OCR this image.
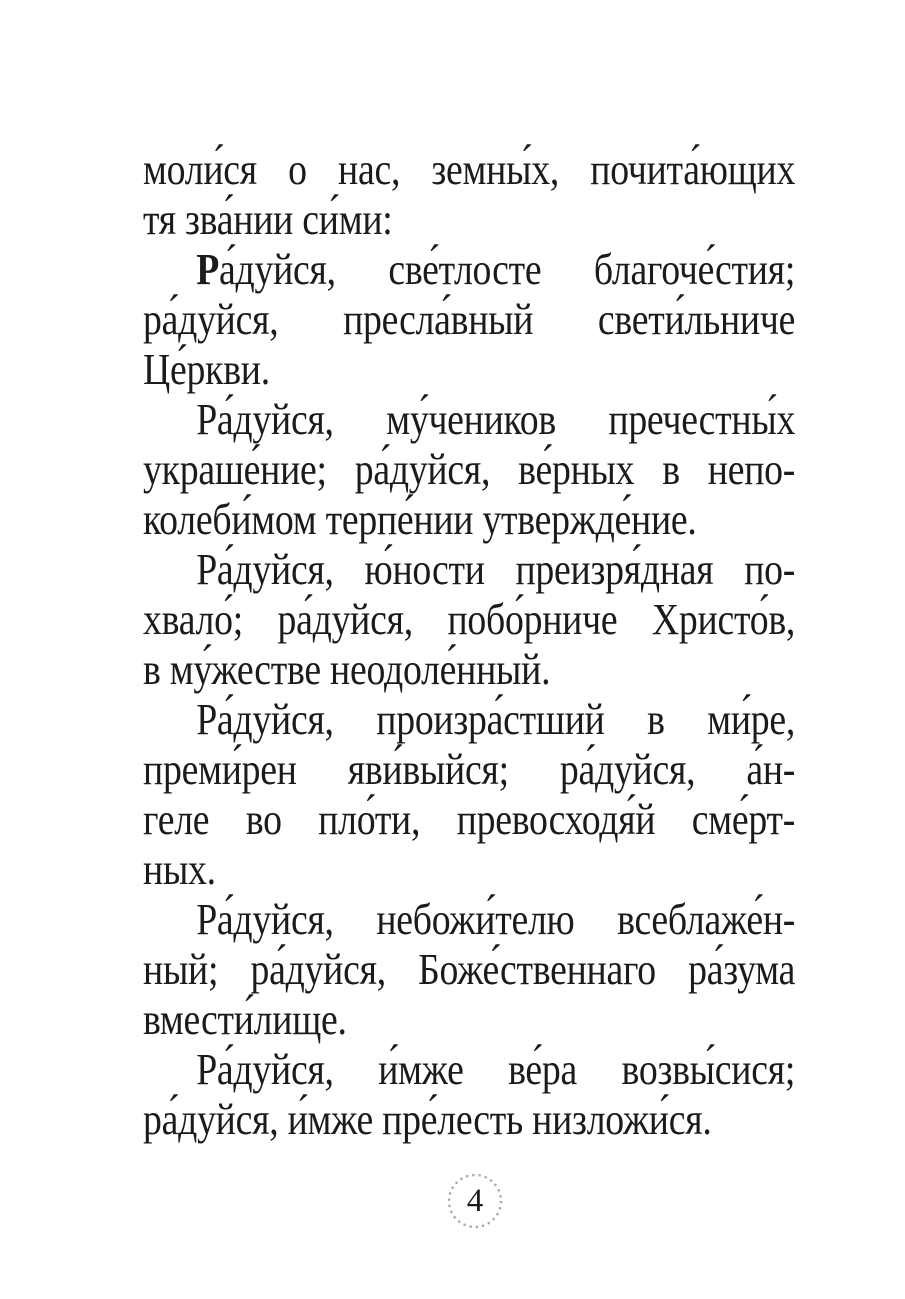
моли́ся о нас, земны́х, почита́ющих
тя зва́нии си́ми:
Ра́дуйся, све́тлосте благоче́стия;
ра́дуйся, пресла́вный свети́льниче
Це́ркви.
Ра́дуйся, му́чеников пречестны́х
украше́ние; ра́дуйся, ве́рных в непо-
колеби́мом терпе́нии утвержде́ние.
Ра́дуйся, ю́ности преизря́дная по-
хвало́; ра́дуйся, побо́рниче Христо́в,
в му́жестве неодоле́нный.
Ра́дуйся, произра́стший в ми́ре,
преми́рен яви́выйся; ра́дуйся, а́н-
геле во пло́ти, превосходя́й сме́рт-
ных.
Ра́дуйся, небожи́телю всеблаже́н-
ный; ра́дуйся, Боже́ственнаго ра́зума
вмести́лище.
Ра́дуйся, и́мже ве́ра возвы́сися;
ра́дуйся, и́мже пре́лесть низложи́ся.
4
